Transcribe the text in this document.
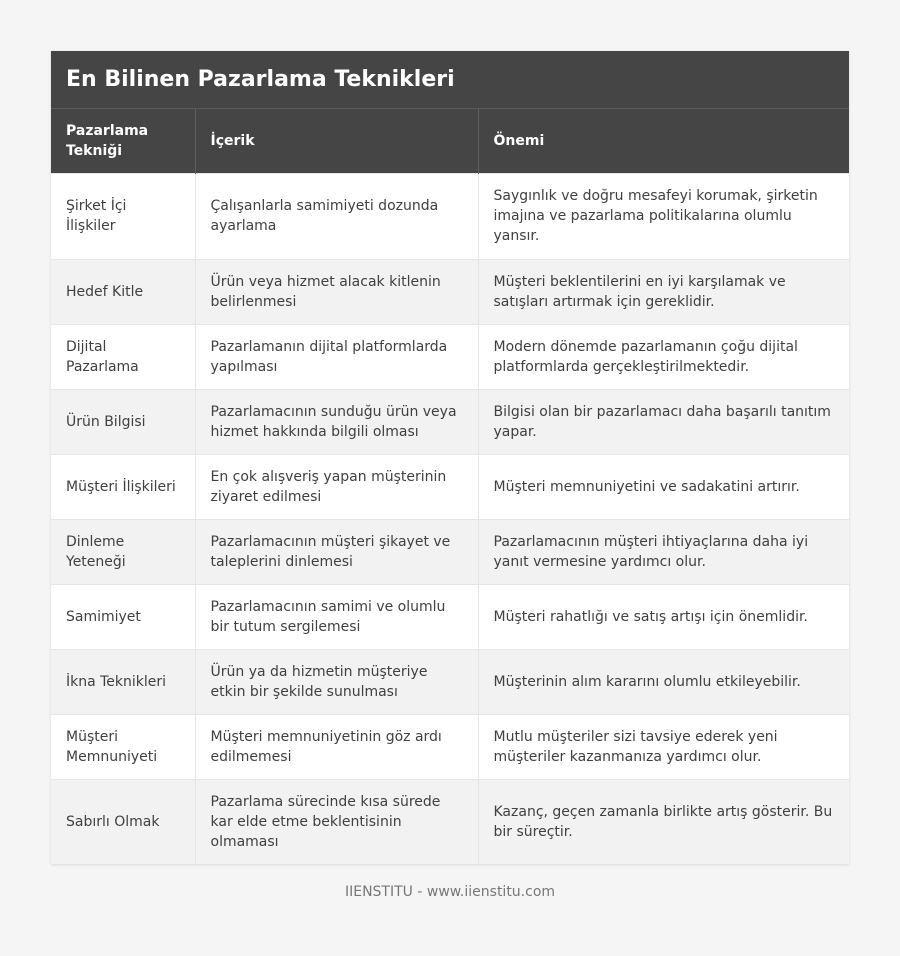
En Bilinen Pazarlama Teknikleri
Pazarlama Tekniği	İçerik	Önemi
Şirket İçi İlişkiler	Çalışanlarla samimiyeti dozunda ayarlama	Saygınlık ve doğru mesafeyi korumak, şirketin imajına ve pazarlama politikalarına olumlu yansır.
Hedef Kitle	Ürün veya hizmet alacak kitlenin belirlenmesi	Müşteri beklentilerini en iyi karşılamak ve satışları artırmak için gereklidir.
Dijital Pazarlama	Pazarlamanın dijital platformlarda yapılması	Modern dönemde pazarlamanın çoğu dijital platformlarda gerçekleştirilmektedir.
Ürün Bilgisi	Pazarlamacının sunduğu ürün veya hizmet hakkında bilgili olması	Bilgisi olan bir pazarlamacı daha başarılı tanıtım yapar.
Müşteri İlişkileri	En çok alışveriş yapan müşterinin ziyaret edilmesi	Müşteri memnuniyetini ve sadakatini artırır.
Dinleme Yeteneği	Pazarlamacının müşteri şikayet ve taleplerini dinlemesi	Pazarlamacının müşteri ihtiyaçlarına daha iyi yanıt vermesine yardımcı olur.
Samimiyet	Pazarlamacının samimi ve olumlu bir tutum sergilemesi	Müşteri rahatlığı ve satış artışı için önemlidir.
İkna Teknikleri	Ürün ya da hizmetin müşteriye etkin bir şekilde sunulması	Müşterinin alım kararını olumlu etkileyebilir.
Müşteri Memnuniyeti	Müşteri memnuniyetinin göz ardı edilmemesi	Mutlu müşteriler sizi tavsiye ederek yeni müşteriler kazanmanıza yardımcı olur.
Sabırlı Olmak	Pazarlama sürecinde kısa sürede kar elde etme beklentisinin olmaması	Kazanç, geçen zamanla birlikte artış gösterir. Bu bir süreçtir.
IIENSTITU - www.iienstitu.com
